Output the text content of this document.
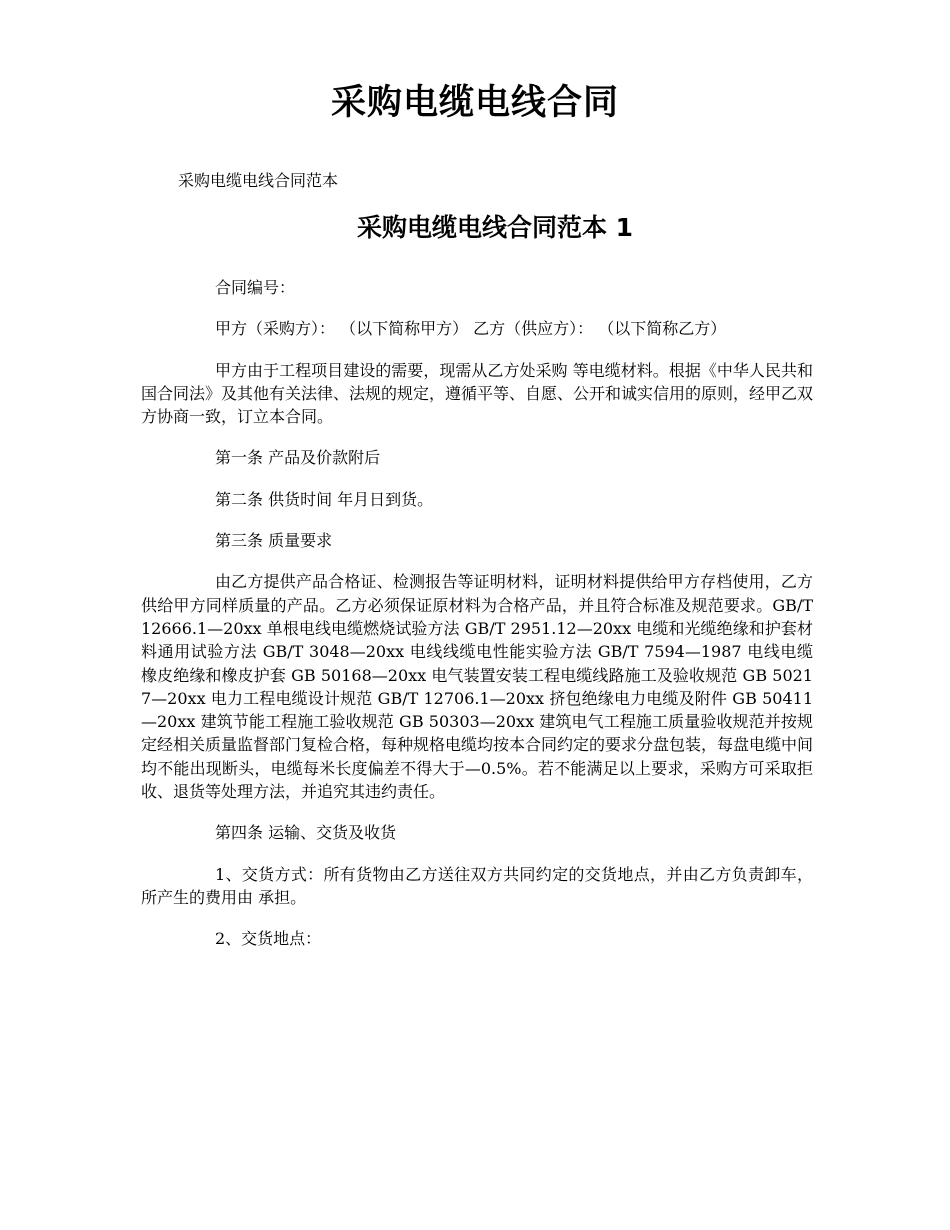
采购电缆电线合同

采购电缆电线合同范本

采购电缆电线合同范本 1

合同编号：

甲方（采购方）： （以下简称甲方） 乙方（供应方）： （以下简称乙方）

甲方由于工程项目建设的需要，现需从乙方处采购 等电缆材料。根据《中华人民共和国合同法》及其他有关法律、法规的规定，遵循平等、自愿、公开和诚实信用的原则，经甲乙双方协商一致，订立本合同。

第一条 产品及价款附后

第二条 供货时间 年月日到货。

第三条 质量要求

由乙方提供产品合格证、检测报告等证明材料，证明材料提供给甲方存档使用，乙方供给甲方同样质量的产品。乙方必须保证原材料为合格产品，并且符合标准及规范要求。GB/T 12666.1—20xx 单根电线电缆燃烧试验方法 GB/T 2951.12—20xx 电缆和光缆绝缘和护套材料通用试验方法 GB/T 3048—20xx 电线线缆电性能实验方法 GB/T 7594—1987 电线电缆橡皮绝缘和橡皮护套 GB 50168—20xx 电气装置安装工程电缆线路施工及验收规范 GB 50217—20xx 电力工程电缆设计规范 GB/T 12706.1—20xx 挤包绝缘电力电缆及附件 GB 50411—20xx 建筑节能工程施工验收规范 GB 50303—20xx 建筑电气工程施工质量验收规范并按规定经相关质量监督部门复检合格，每种规格电缆均按本合同约定的要求分盘包装，每盘电缆中间均不能出现断头，电缆每米长度偏差不得大于—0.5%。若不能满足以上要求，采购方可采取拒收、退货等处理方法，并追究其违约责任。

第四条 运输、交货及收货

1、交货方式：所有货物由乙方送往双方共同约定的交货地点，并由乙方负责卸车，所产生的费用由 承担。

2、交货地点：
